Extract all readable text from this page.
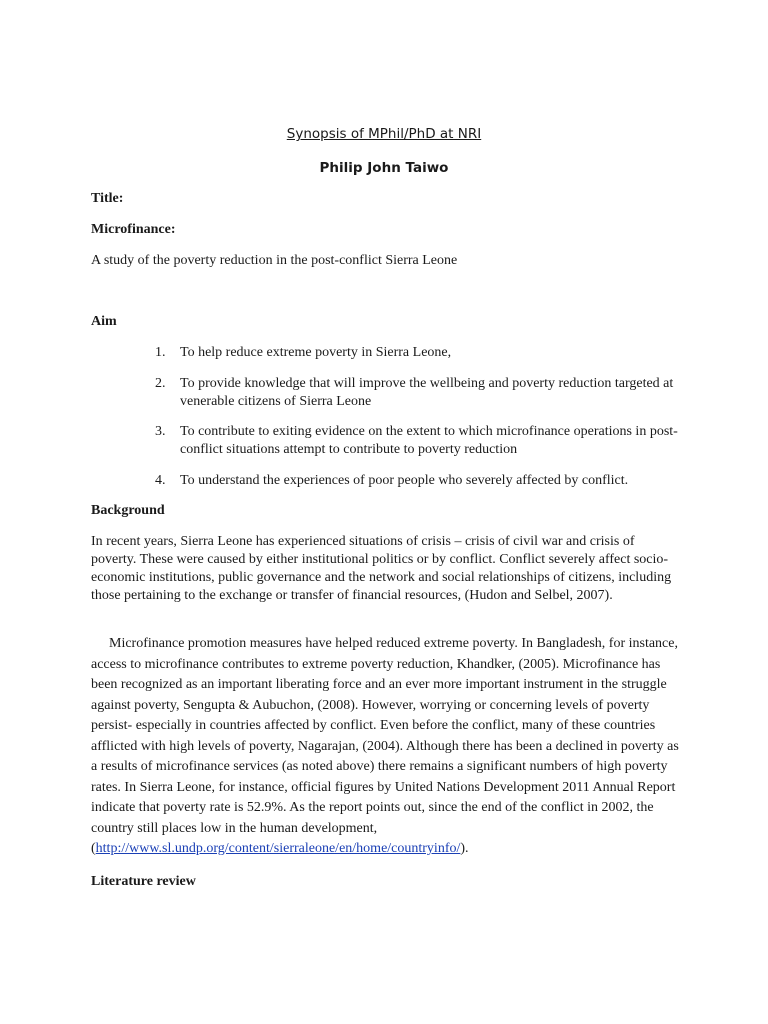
Synopsis of MPhil/PhD at NRI
Philip John Taiwo
Title:
Microfinance:
A study of the poverty reduction in the post-conflict Sierra Leone
Aim
1.	To help reduce extreme poverty in Sierra Leone,
2.	To provide knowledge that will improve the wellbeing and poverty reduction targeted at venerable citizens of Sierra Leone
3.	To contribute to exiting evidence on the extent to which microfinance operations in post-conflict situations attempt to contribute to poverty reduction
4.	To understand the experiences of poor people who severely affected by conflict.
Background
In recent years, Sierra Leone has experienced situations of crisis – crisis of civil war and crisis of poverty. These were caused by either institutional politics or by conflict. Conflict severely affect socio-economic institutions, public governance and the network and social relationships of citizens, including those pertaining to the exchange or transfer of financial resources, (Hudon and Selbel, 2007).
Microfinance promotion measures have helped reduced extreme poverty. In Bangladesh, for instance, access to microfinance contributes to extreme poverty reduction, Khandker, (2005). Microfinance has been recognized as an important liberating force and an ever more important instrument in the struggle against poverty, Sengupta & Aubuchon, (2008). However, worrying or concerning levels of poverty persist- especially in countries affected by conflict. Even before the conflict, many of these countries afflicted with high levels of poverty, Nagarajan, (2004). Although there has been a declined in poverty as a results of microfinance services (as noted above) there remains a significant numbers of high poverty rates. In Sierra Leone, for instance, official figures by United Nations Development 2011 Annual Report indicate that poverty rate is 52.9%. As the report points out, since the end of the conflict in 2002, the country still places low in the human development, (http://www.sl.undp.org/content/sierraleone/en/home/countryinfo/).
Literature review
